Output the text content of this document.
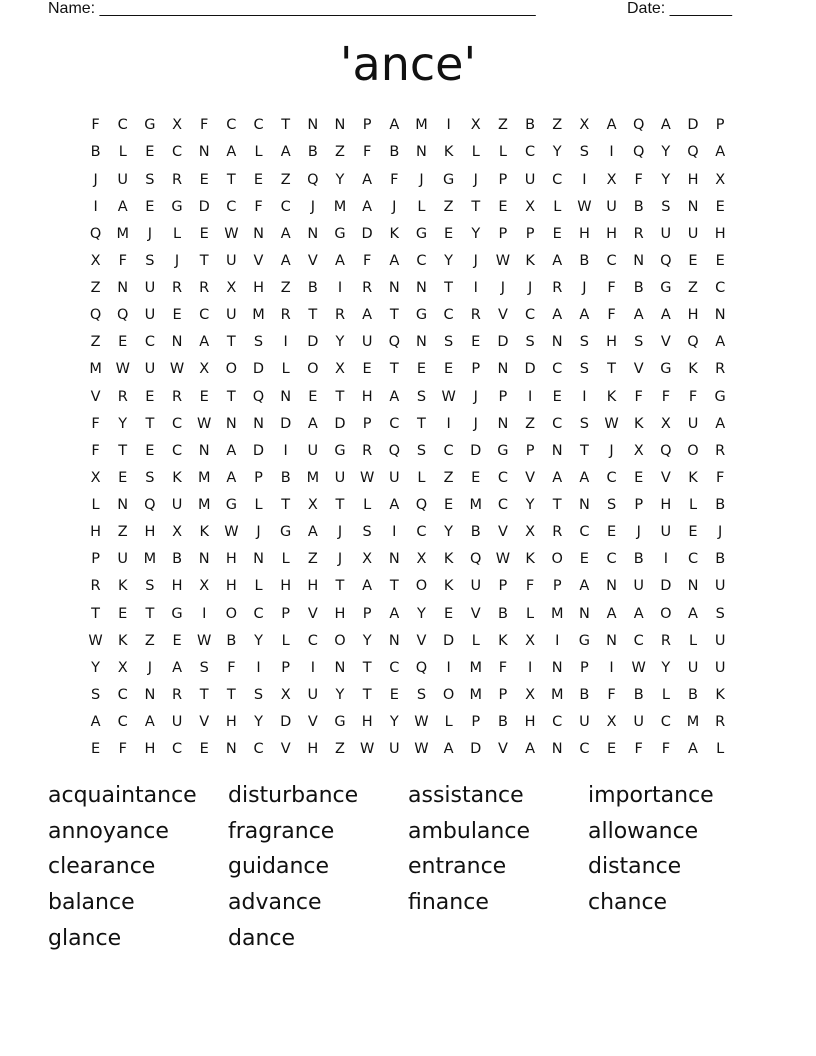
Name: _________________________________________________	Date: _______
'ance'
F	C	G	X	F	C	C	T	N	N	P	A	M	I	X	Z	B	Z	X	A	Q	A	D	P
B	L	E	C	N	A	L	A	B	Z	F	B	N	K	L	L	C	Y	S	I	Q	Y	Q	A
J	U	S	R	E	T	E	Z	Q	Y	A	F	J	G	J	P	U	C	I	X	F	Y	H	X
I	A	E	G	D	C	F	C	J	M	A	J	L	Z	T	E	X	L	W	U	B	S	N	E
Q	M	J	L	E	W	N	A	N	G	D	K	G	E	Y	P	P	E	H	H	R	U	U	H
X	F	S	J	T	U	V	A	V	A	F	A	C	Y	J	W	K	A	B	C	N	Q	E	E
Z	N	U	R	R	X	H	Z	B	I	R	N	N	T	I	J	J	R	J	F	B	G	Z	C
Q	Q	U	E	C	U	M	R	T	R	A	T	G	C	R	V	C	A	A	F	A	A	H	N
Z	E	C	N	A	T	S	I	D	Y	U	Q	N	S	E	D	S	N	S	H	S	V	Q	A
M W	U	W	X	O	D	L	O	X	E	T	E	E	P	N	D	C	S	T	V	G	K	R
V	R	E	R	E	T	Q	N	E	T	H	A	S	W	J	P	I	E	I	K	F	F	F	G
F	Y	T	C	W	N	N	D	A	D	P	C	T	I	J	N	Z	C	S	W	K	X	U	A
F	T	E	C	N	A	D	I	U	G	R	Q	S	C	D	G	P	N	T	J	X	Q	O	R
X	E	S	K	M	A	P	B	M	U	W	U	L	Z	E	C	V	A	A	C	E	V	K	F
L	N	Q	U	M	G	L	T	X	T	L	A	Q	E	M	C	Y	T	N	S	P	H	L	B
H	Z	H	X	K	W	J	G	A	J	S	I	C	Y	B	V	X	R	C	E	J	U	E	J
P	U	M	B	N	H	N	L	Z	J	X	N	X	K	Q W	K	O	E	C	B	I	C	B
R	K	S	H	X	H	L	H	H	T	A	T	O	K	U	P	F	P	A	N	U	D	N	U
T	E	T	G	I	O	C	P	V	H	P	A	Y	E	V	B	L	M	N	A	A	O	A	S
W	K	Z	E	W	B	Y	L	C	O	Y	N	V	D	L	K	X	I	G	N	C	R	L	U
Y	X	J	A	S	F	I	P	I	N	T	C	Q	I	M	F	I	N	P	I	W	Y	U	U
S	C	N	R	T	T	S	X	U	Y	T	E	S	O	M	P	X	M	B	F	B	L	B	K
A	C	A	U	V	H	Y	D	V	G	H	Y	W	L	P	B	H	C	U	X	U	C	M	R
E	F	H	C	E	N	C	V	H	Z	W	U	W	A	D	V	A	N	C	E	F	F	A	L
acquaintance	disturbance	assistance	importance
annoyance	fragrance	ambulance	allowance
clearance	guidance	entrance	distance
balance	advance	finance	chance
glance	dance
